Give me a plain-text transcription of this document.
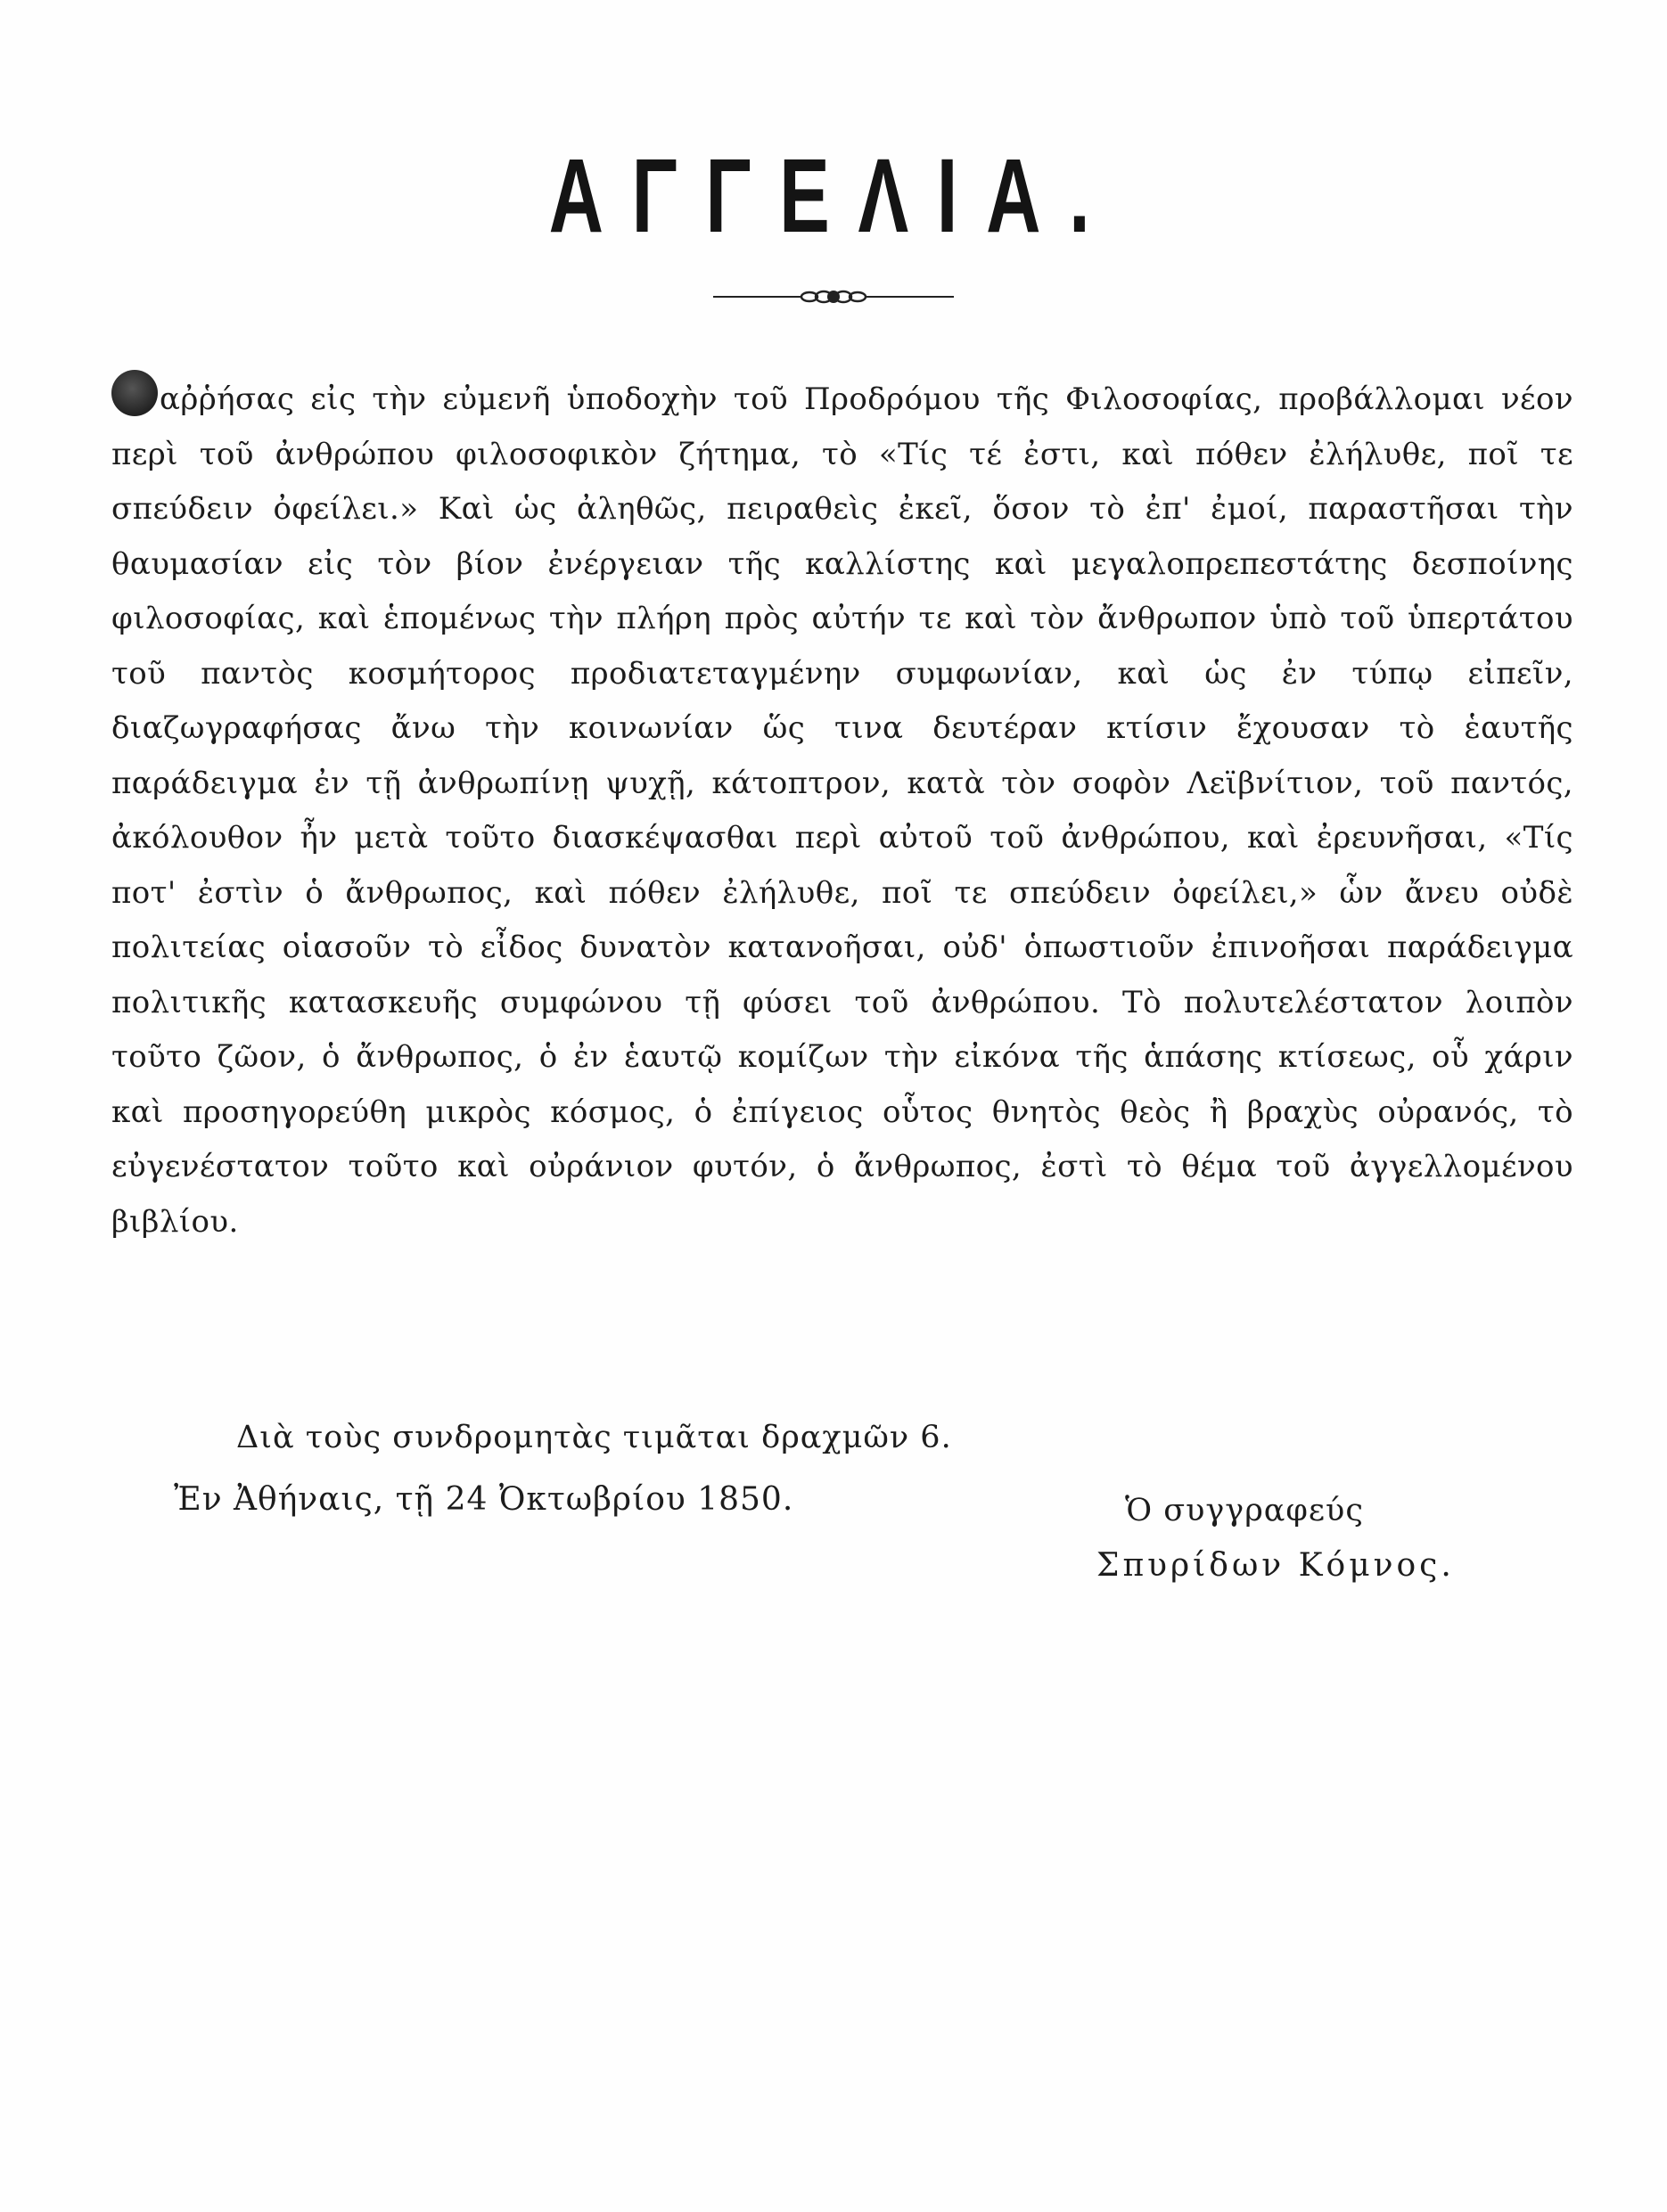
ΑΓΓΕΛΙΑ.
αῤῥήσας εἰς τὴν εὐμενῆ ὑποδοχὴν τοῦ Προδρόμου τῆς Φιλοσοφίας, προβάλλομαι νέον περὶ τοῦ ἀνθρώπου φιλοσοφικὸν ζήτημα, τὸ «Τίς τέ ἐστι, καὶ πόθεν ἐλήλυθε, ποῖ τε σπεύδειν ὀφείλει.» Καὶ ὡς ἀληθῶς, πειραθεὶς ἐκεῖ, ὅσον τὸ ἐπ' ἐμοί, παραστῆσαι τὴν θαυμασίαν εἰς τὸν βίον ἐνέργειαν τῆς καλλίστης καὶ μεγαλοπρεπεστάτης δεσποίνης φιλοσοφίας, καὶ ἑπομένως τὴν πλήρη πρὸς αὐτήν τε καὶ τὸν ἄνθρωπον ὑπὸ τοῦ ὑπερτάτου τοῦ παντὸς κοσμήτορος προδιατεταγμένην συμφωνίαν, καὶ ὡς ἐν τύπῳ εἰπεῖν, διαζωγραφήσας ἄνω τὴν κοινωνίαν ὥς τινα δευτέραν κτίσιν ἔχουσαν τὸ ἑαυτῆς παράδειγμα ἐν τῇ ἀνθρωπίνῃ ψυχῇ, κάτοπτρον, κατὰ τὸν σοφὸν Λεϊβνίτιον, τοῦ παντός, ἀκόλουθον ἦν μετὰ τοῦτο διασκέψασθαι περὶ αὐτοῦ τοῦ ἀνθρώπου, καὶ ἐρευνῆσαι, «Τίς ποτ' ἐστὶν ὁ ἄνθρωπος, καὶ πόθεν ἐλήλυθε, ποῖ τε σπεύδειν ὀφείλει,» ὧν ἄνευ οὐδὲ πολιτείας οἱασοῦν τὸ εἶδος δυνατὸν κατανοῆσαι, οὐδ' ὁπωστιοῦν ἐπινοῆσαι παράδειγμα πολιτικῆς κατασκευῆς συμφώνου τῇ φύσει τοῦ ἀνθρώπου. Τὸ πολυτελέστατον λοιπὸν τοῦτο ζῶον, ὁ ἄνθρωπος, ὁ ἐν ἑαυτῷ κομίζων τὴν εἰκόνα τῆς ἁπάσης κτίσεως, οὗ χάριν καὶ προσηγορεύθη μικρὸς κόσμος, ὁ ἐπίγειος οὗτος θνητὸς θεὸς ἢ βραχὺς οὐρανός, τὸ εὐγενέστατον τοῦτο καὶ οὐράνιον φυτόν, ὁ ἄνθρωπος, ἐστὶ τὸ θέμα τοῦ ἀγγελλομένου βιβλίου.
Διὰ τοὺς συνδρομητὰς τιμᾶται δραχμῶν 6.
Ἐν Ἀθήναις, τῇ 24 Ὀκτωβρίου 1850.	Ὁ συγγραφεύς
Σπυρίδων Κόμνος.
